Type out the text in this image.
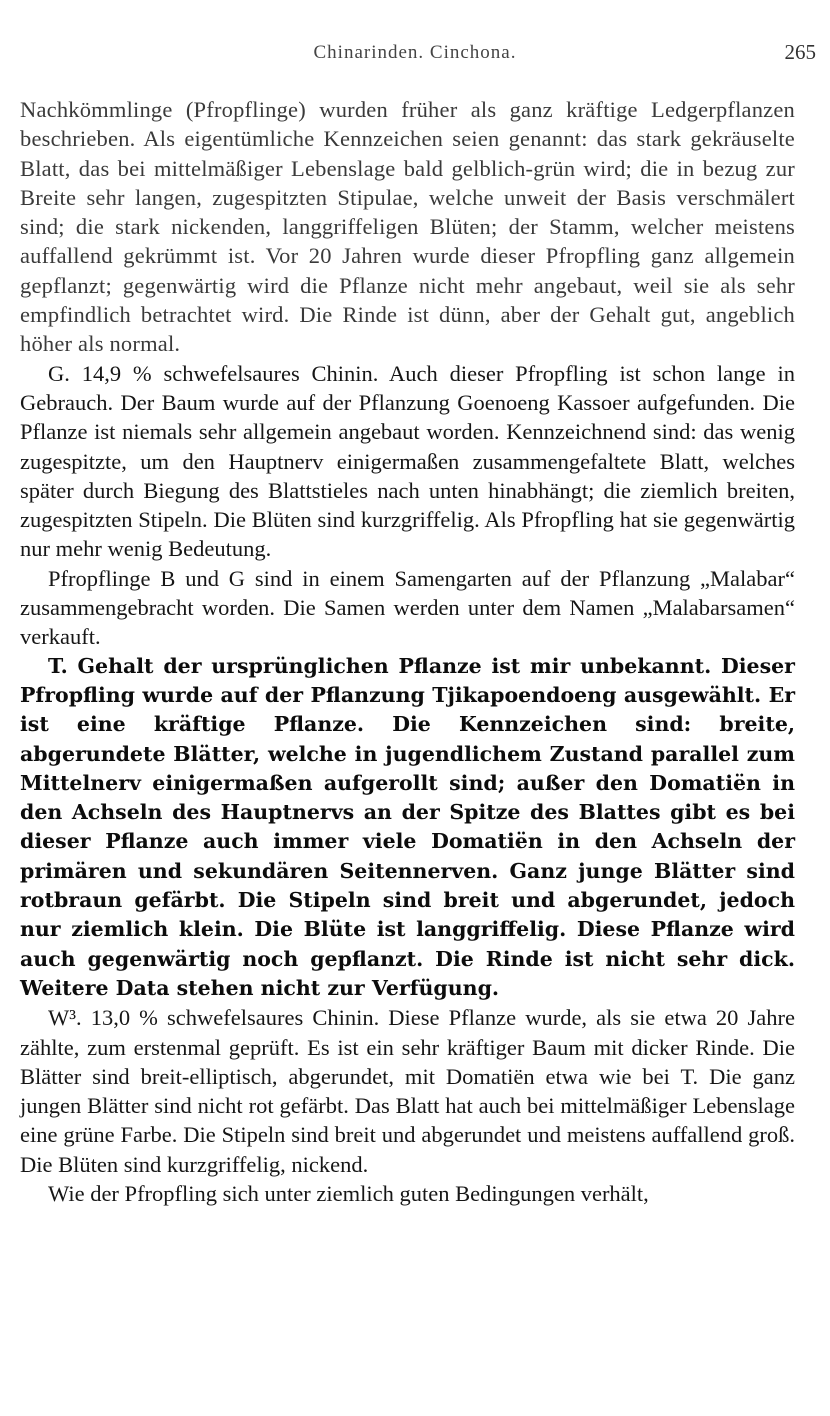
Chinarinden. Cinchona.	265

Nachkömmlinge (Pfropflinge) wurden früher als ganz kräftige Ledgerpflanzen beschrieben. Als eigentümliche Kennzeichen seien genannt: das stark gekräuselte Blatt, das bei mittelmäßiger Lebenslage bald gelblich-grün wird; die in bezug zur Breite sehr langen, zugespitzten Stipulae, welche unweit der Basis verschmälert sind; die stark nickenden, langgriffeligen Blüten; der Stamm, welcher meistens auffallend gekrümmt ist. Vor 20 Jahren wurde dieser Pfropfling ganz allgemein gepflanzt; gegenwärtig wird die Pflanze nicht mehr angebaut, weil sie als sehr empfindlich betrachtet wird. Die Rinde ist dünn, aber der Gehalt gut, angeblich höher als normal.

G. 14,9 % schwefelsaures Chinin. Auch dieser Pfropfling ist schon lange in Gebrauch. Der Baum wurde auf der Pflanzung Goenoeng Kassoer aufgefunden. Die Pflanze ist niemals sehr allgemein angebaut worden. Kennzeichnend sind: das wenig zugespitzte, um den Hauptnerv einigermaßen zusammengefaltete Blatt, welches später durch Biegung des Blattstieles nach unten hinabhängt; die ziemlich breiten, zugespitzten Stipeln. Die Blüten sind kurzgriffelig. Als Pfropfling hat sie gegenwärtig nur mehr wenig Bedeutung.

Pfropflinge B und G sind in einem Samengarten auf der Pflanzung „Malabar“ zusammengebracht worden. Die Samen werden unter dem Namen „Malabarsamen“ verkauft.

T. Gehalt der ursprünglichen Pflanze ist mir unbekannt. Dieser Pfropfling wurde auf der Pflanzung Tjikapoendoeng ausgewählt. Er ist eine kräftige Pflanze. Die Kennzeichen sind: breite, abgerundete Blätter, welche in jugendlichem Zustand parallel zum Mittelnerv einigermaßen aufgerollt sind; außer den Domatiën in den Achseln des Hauptnervs an der Spitze des Blattes gibt es bei dieser Pflanze auch immer viele Domatiën in den Achseln der primären und sekundären Seitennerven. Ganz junge Blätter sind rotbraun gefärbt. Die Stipeln sind breit und abgerundet, jedoch nur ziemlich klein. Die Blüte ist langgriffelig. Diese Pflanze wird auch gegenwärtig noch gepflanzt. Die Rinde ist nicht sehr dick. Weitere Data stehen nicht zur Verfügung.

W³. 13,0 % schwefelsaures Chinin. Diese Pflanze wurde, als sie etwa 20 Jahre zählte, zum erstenmal geprüft. Es ist ein sehr kräftiger Baum mit dicker Rinde. Die Blätter sind breit-elliptisch, abgerundet, mit Domatiën etwa wie bei T. Die ganz jungen Blätter sind nicht rot gefärbt. Das Blatt hat auch bei mittelmäßiger Lebenslage eine grüne Farbe. Die Stipeln sind breit und abgerundet und meistens auffallend groß. Die Blüten sind kurzgriffelig, nickend.

Wie der Pfropfling sich unter ziemlich guten Bedingungen verhält,
